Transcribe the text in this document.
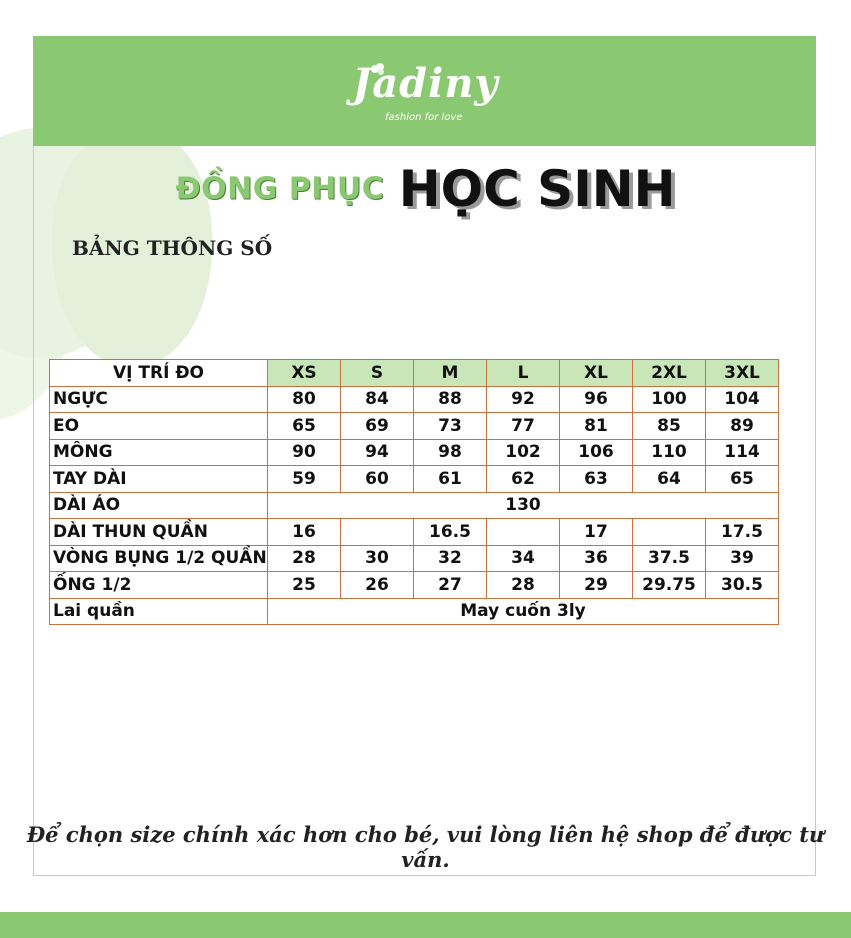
Jadiny
fashion for love
ĐỒNG PHỤC HỌC SINH
BẢNG THÔNG SỐ
VỊ TRÍ ĐO	XS	S	M	L	XL	2XL	3XL
NGỰC	80	84	88	92	96	100	104
EO	65	69	73	77	81	85	89
MÔNG	90	94	98	102	106	110	114
TAY DÀI	59	60	61	62	63	64	65
DÀI ÁO	130						
DÀI THUN QUẦN	16		16.5		17		17.5
VÒNG BỤNG 1/2 QUẦN	28	30	32	34	36	37.5	39
ỐNG 1/2	25	26	27	28	29	29.75	30.5
Lai quần	May cuốn 3ly						
Để chọn size chính xác hơn cho bé, vui lòng liên hệ shop để được tư vấn.
